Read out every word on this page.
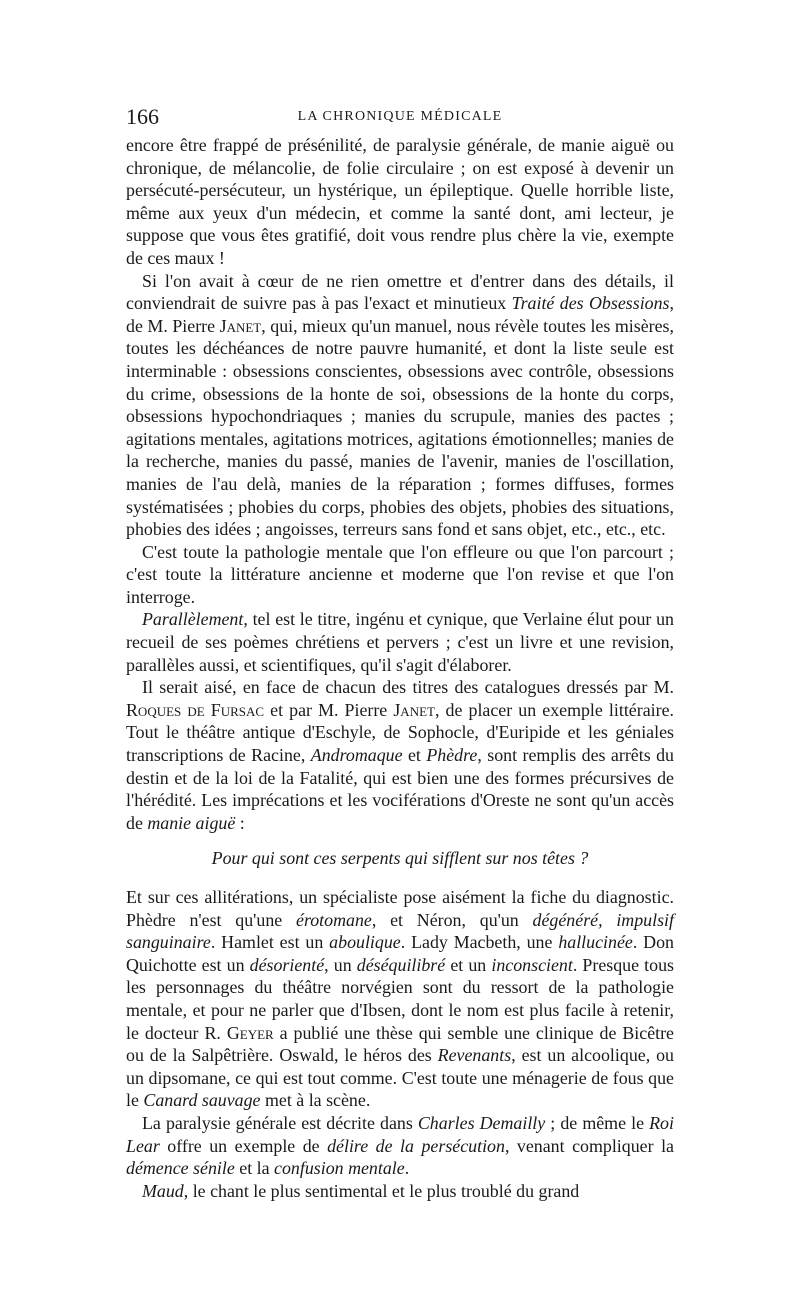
166	LA CHRONIQUE MÉDICALE

encore être frappé de présénilité, de paralysie générale, de manie aiguë ou chronique, de mélancolie, de folie circulaire ; on est exposé à devenir un persécuté-persécuteur, un hystérique, un épileptique. Quelle horrible liste, même aux yeux d'un médecin, et comme la santé dont, ami lecteur, je suppose que vous êtes gratifié, doit vous rendre plus chère la vie, exempte de ces maux !

Si l'on avait à cœur de ne rien omettre et d'entrer dans des détails, il conviendrait de suivre pas à pas l'exact et minutieux Traité des Obsessions, de M. Pierre Janet, qui, mieux qu'un manuel, nous révèle toutes les misères, toutes les déchéances de notre pauvre humanité, et dont la liste seule est interminable : obsessions conscientes, obsessions avec contrôle, obsessions du crime, obsessions de la honte de soi, obsessions de la honte du corps, obsessions hypochondriaques ; manies du scrupule, manies des pactes ; agitations mentales, agitations motrices, agitations émotionnelles; manies de la recherche, manies du passé, manies de l'avenir, manies de l'oscillation, manies de l'au delà, manies de la réparation ; formes diffuses, formes systématisées ; phobies du corps, phobies des objets, phobies des situations, phobies des idées ; angoisses, terreurs sans fond et sans objet, etc., etc., etc.

C'est toute la pathologie mentale que l'on effleure ou que l'on parcourt ; c'est toute la littérature ancienne et moderne que l'on revise et que l'on interroge.

Parallèlement, tel est le titre, ingénu et cynique, que Verlaine élut pour un recueil de ses poèmes chrétiens et pervers ; c'est un livre et une revision, parallèles aussi, et scientifiques, qu'il s'agit d'élaborer.

Il serait aisé, en face de chacun des titres des catalogues dressés par M. Roques de Fursac et par M. Pierre Janet, de placer un exemple littéraire. Tout le théâtre antique d'Eschyle, de Sophocle, d'Euripide et les géniales transcriptions de Racine, Andromaque et Phèdre, sont remplis des arrêts du destin et de la loi de la Fatalité, qui est bien une des formes précursives de l'hérédité. Les imprécations et les vociférations d'Oreste ne sont qu'un accès de manie aiguë :

Pour qui sont ces serpents qui sifflent sur nos têtes ?

Et sur ces allitérations, un spécialiste pose aisément la fiche du diagnostic. Phèdre n'est qu'une érotomane, et Néron, qu'un dégénéré, impulsif sanguinaire. Hamlet est un aboulique. Lady Macbeth, une hallucinée. Don Quichotte est un désorienté, un déséquilibré et un inconscient. Presque tous les personnages du théâtre norvégien sont du ressort de la pathologie mentale, et pour ne parler que d'Ibsen, dont le nom est plus facile à retenir, le docteur R. Geyer a publié une thèse qui semble une clinique de Bicêtre ou de la Salpêtrière. Oswald, le héros des Revenants, est un alcoolique, ou un dipsomane, ce qui est tout comme. C'est toute une ménagerie de fous que le Canard sauvage met à la scène.

La paralysie générale est décrite dans Charles Demailly ; de même le Roi Lear offre un exemple de délire de la persécution, venant compliquer la démence sénile et la confusion mentale.

Maud, le chant le plus sentimental et le plus troublé du grand
